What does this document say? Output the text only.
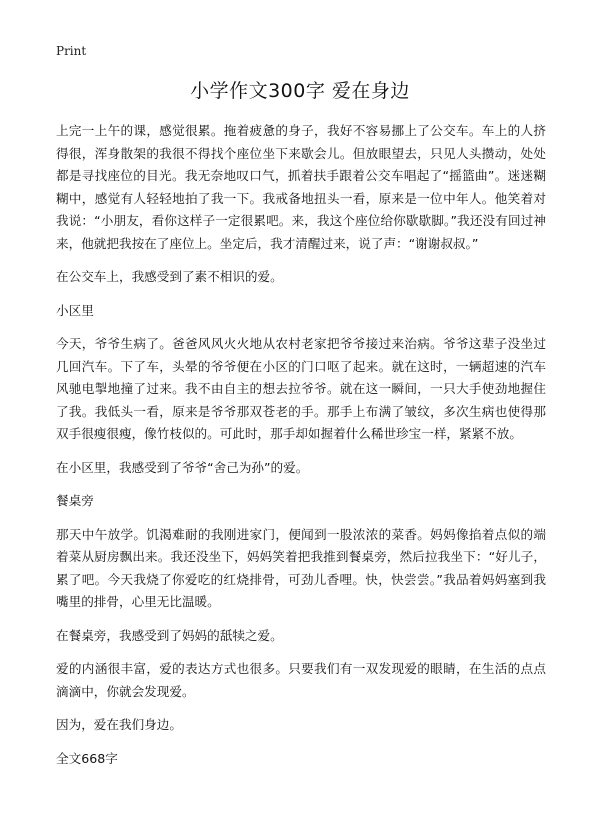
Print
小学作文300字 爱在身边

上完一上午的课，感觉很累。拖着疲惫的身子，我好不容易挪上了公交车。车上的人挤得很，浑身散架的我很不得找个座位坐下来歇会儿。但放眼望去，只见人头攒动，处处都是寻找座位的目光。我无奈地叹口气，抓着扶手跟着公交车唱起了“摇篮曲”。迷迷糊糊中，感觉有人轻轻地拍了我一下。我戒备地扭头一看，原来是一位中年人。他笑着对我说：“小朋友，看你这样子一定很累吧。来，我这个座位给你歇歇脚。”我还没有回过神来，他就把我按在了座位上。坐定后，我才清醒过来，说了声：“谢谢叔叔。”

在公交车上，我感受到了素不相识的爱。

小区里

今天，爷爷生病了。爸爸风风火火地从农村老家把爷爷接过来治病。爷爷这辈子没坐过几回汽车。下了车，头晕的爷爷便在小区的门口呕了起来。就在这时，一辆超速的汽车风驰电掣地撞了过来。我不由自主的想去拉爷爷。就在这一瞬间，一只大手使劲地握住了我。我低头一看，原来是爷爷那双苍老的手。那手上布满了皱纹，多次生病也使得那双手很瘦很瘦，像竹枝似的。可此时，那手却如握着什么稀世珍宝一样，紧紧不放。

在小区里，我感受到了爷爷“舍己为孙”的爱。

餐桌旁

那天中午放学。饥渴难耐的我刚进家门，便闻到一股浓浓的菜香。妈妈像掐着点似的端着菜从厨房飘出来。我还没坐下，妈妈笑着把我推到餐桌旁，然后拉我坐下：“好儿子，累了吧。今天我烧了你爱吃的红烧排骨，可劲儿香哩。快，快尝尝。”我品着妈妈塞到我嘴里的排骨，心里无比温暖。

在餐桌旁，我感受到了妈妈的舐犊之爱。

爱的内涵很丰富，爱的表达方式也很多。只要我们有一双发现爱的眼睛，在生活的点点滴滴中，你就会发现爱。

因为，爱在我们身边。

全文668字
